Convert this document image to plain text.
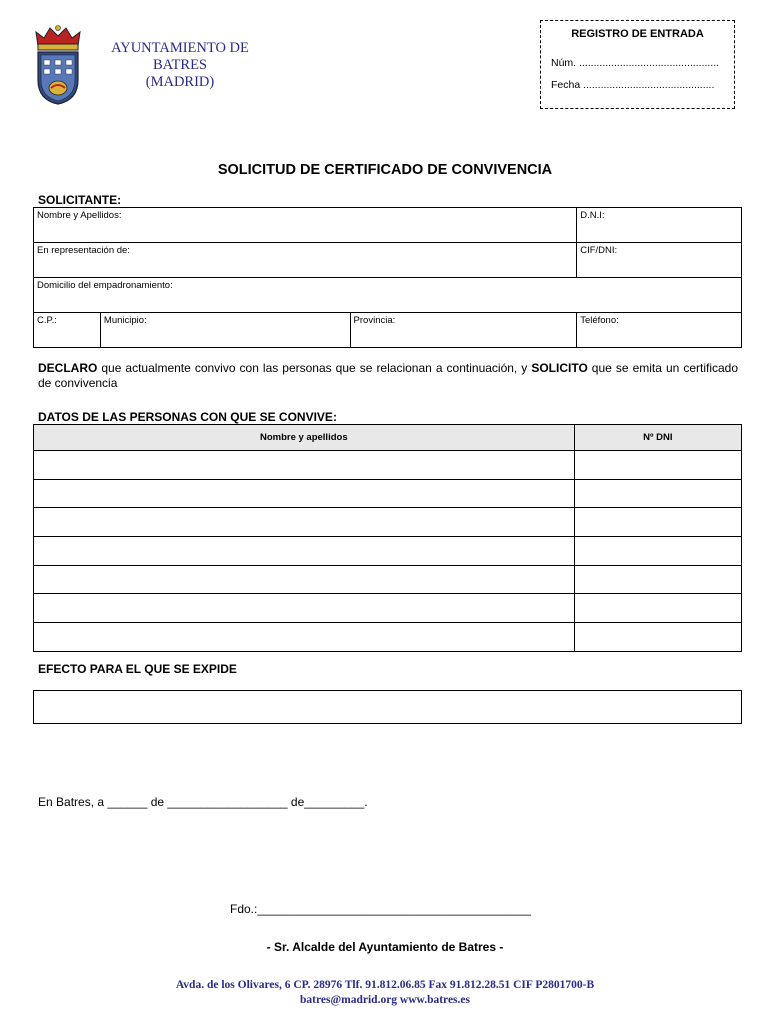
AYUNTAMIENTO DE
BATRES
(MADRID)
REGISTRO DE ENTRADA
Núm. ................................................
Fecha .............................................
SOLICITUD DE CERTIFICADO DE CONVIVENCIA
SOLICITANTE:
Nombre y Apellidos:			D.N.I:
En representación de:			CIF/DNI:
Domicilio del empadronamiento:			
C.P.:	Municipio:	Provincia:	Teléfono:
DECLARO que actualmente convivo con las personas que se relacionan a continuación, y SOLICITO que se emita un certificado de convivencia
DATOS DE LAS PERSONAS CON QUE SE CONVIVE:
Nombre y apellidos	Nº DNI

EFECTO PARA EL QUE SE EXPIDE
En Batres, a ______ de __________________ de_________.
Fdo.:_________________________________________
- Sr. Alcalde del Ayuntamiento de Batres -
Avda. de los Olivares, 6 CP. 28976 Tlf. 91.812.06.85 Fax 91.812.28.51 CIF P2801700-B
batres@madrid.org www.batres.es
